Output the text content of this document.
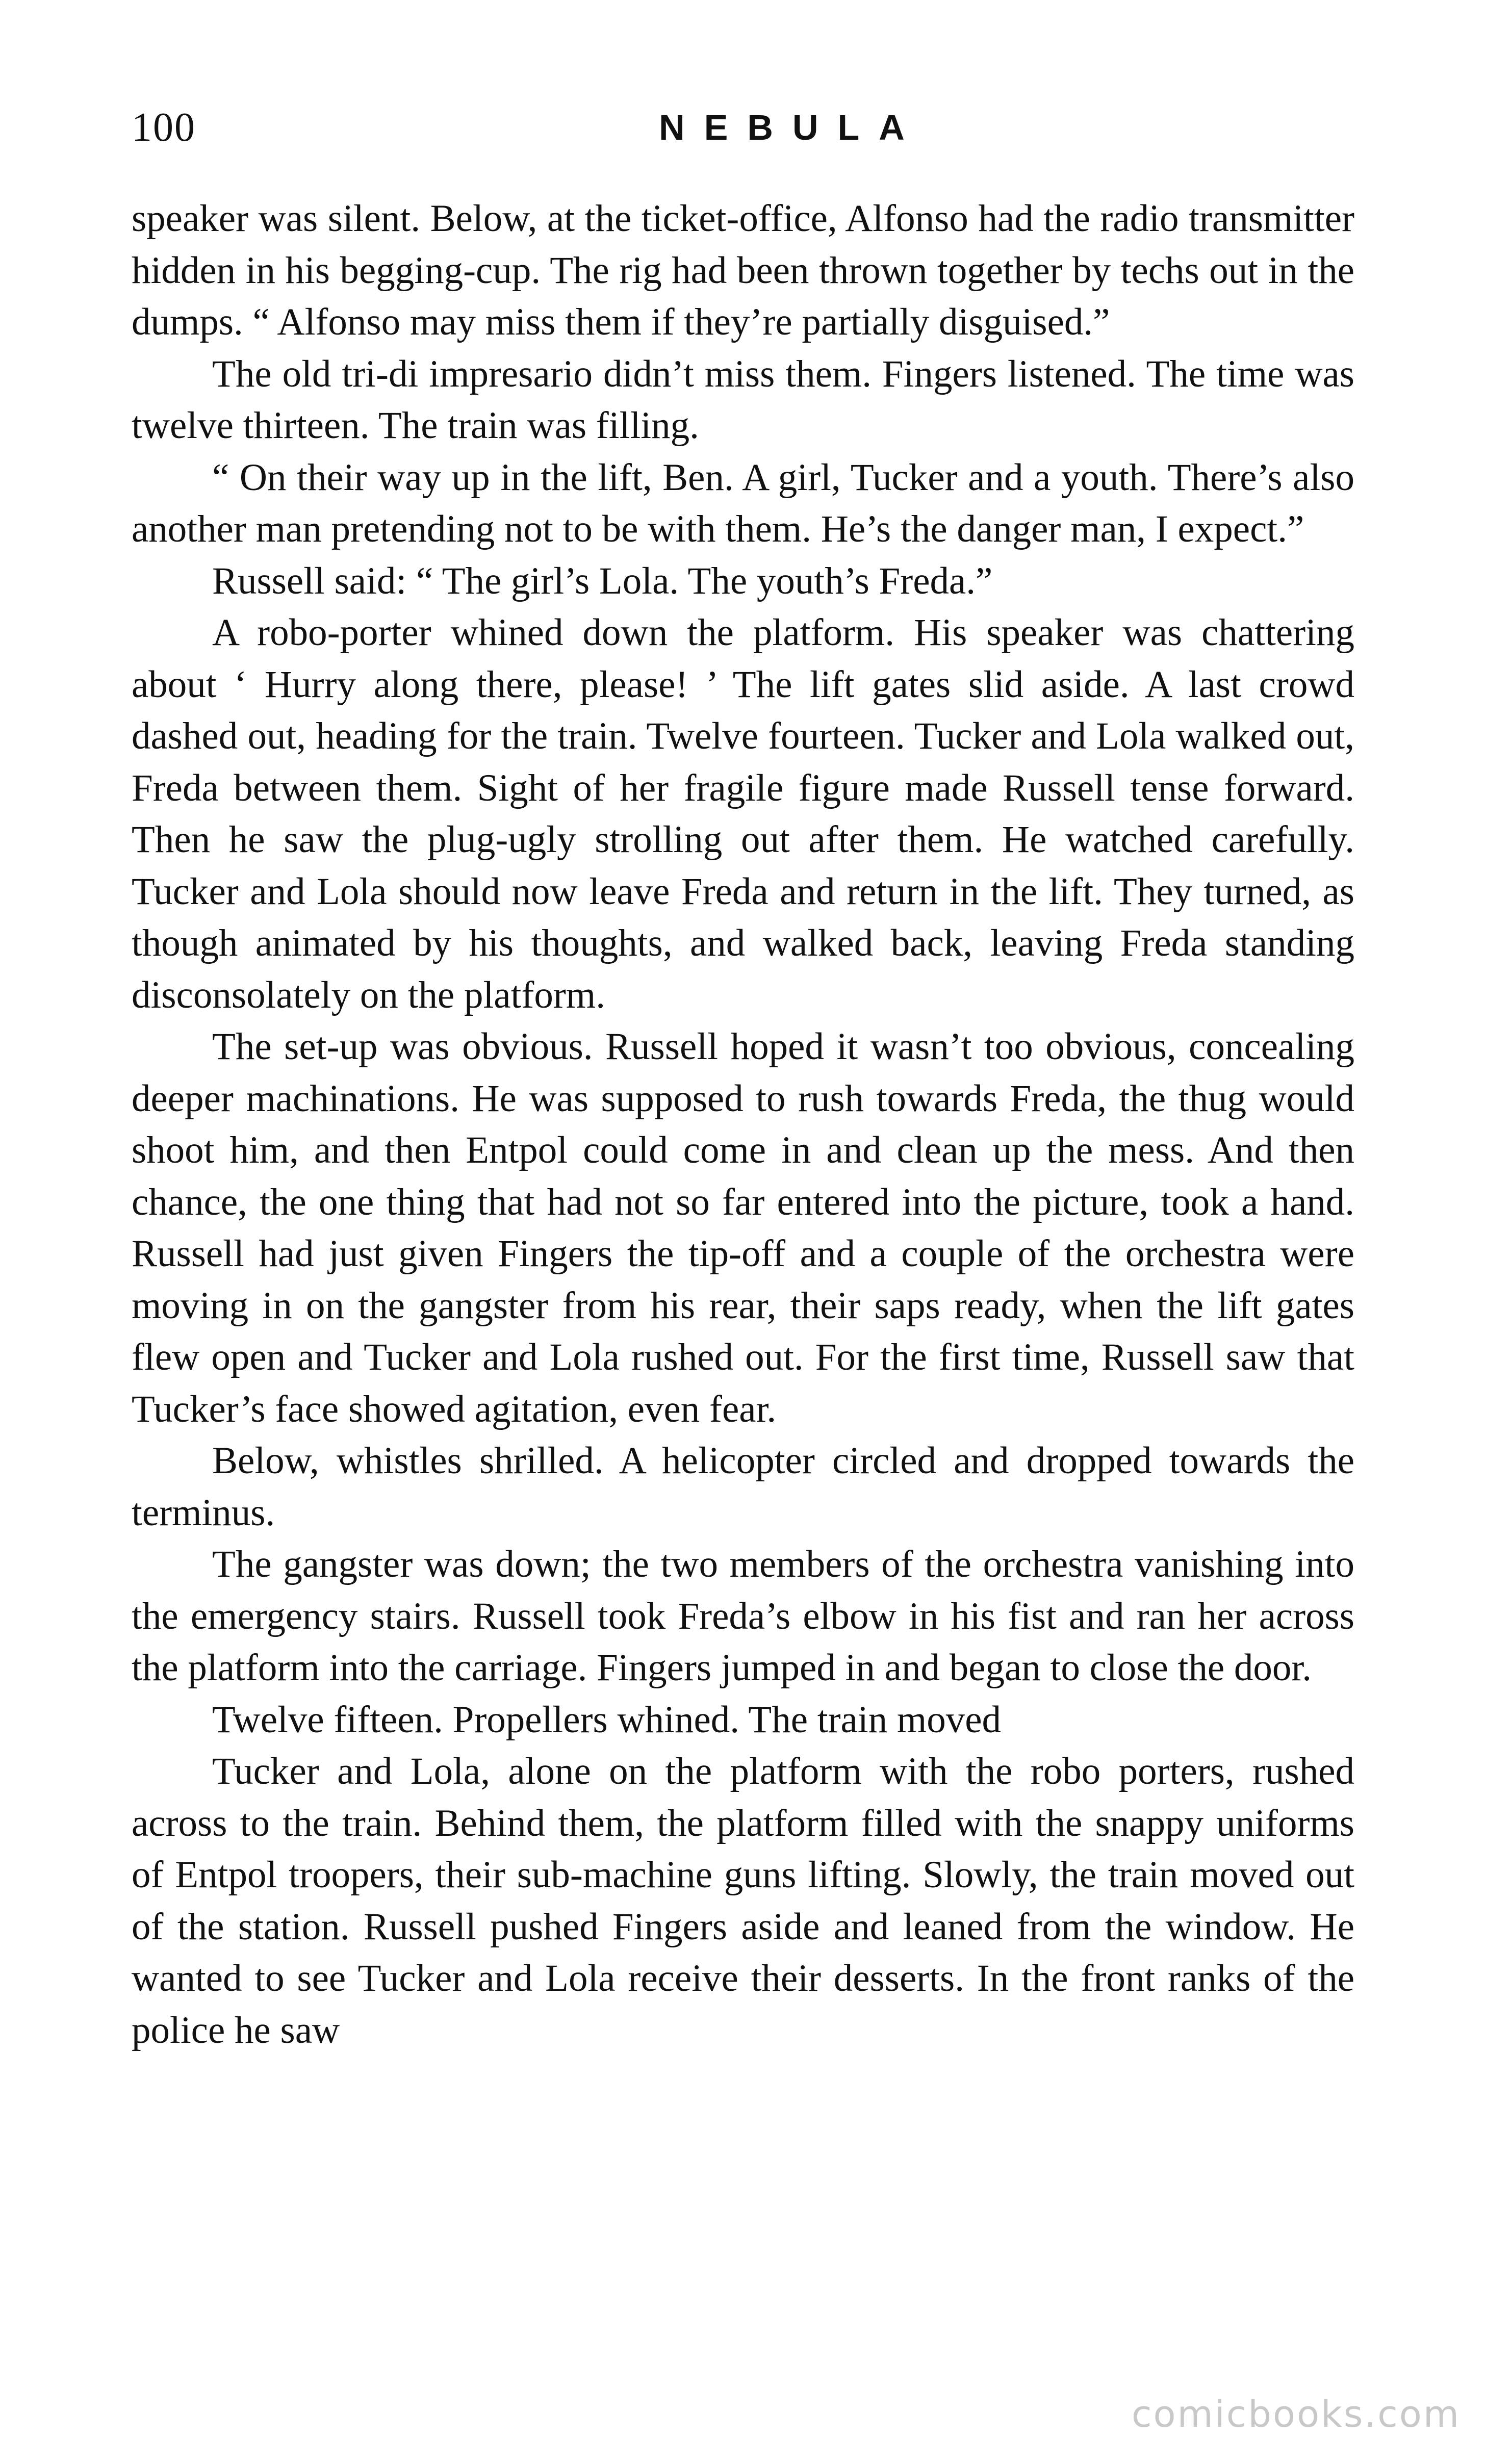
100	NEBULA

speaker was silent. Below, at the ticket-office, Alfonso had the radio transmitter hidden in his begging-cup. The rig had been thrown together by techs out in the dumps. “ Alfonso may miss them if they’re partially disguised.”

The old tri-di impresario didn’t miss them. Fingers listened. The time was twelve thirteen. The train was filling.

“ On their way up in the lift, Ben. A girl, Tucker and a youth. There’s also another man pretending not to be with them. He’s the danger man, I expect.”

Russell said: “ The girl’s Lola. The youth’s Freda.”

A robo-porter whined down the platform. His speaker was chattering about ‘ Hurry along there, please! ’ The lift gates slid aside. A last crowd dashed out, heading for the train. Twelve fourteen. Tucker and Lola walked out, Freda between them. Sight of her fragile figure made Russell tense forward. Then he saw the plug-ugly strolling out after them. He watched carefully. Tucker and Lola should now leave Freda and return in the lift. They turned, as though animated by his thoughts, and walked back, leaving Freda standing disconsolately on the platform.

The set-up was obvious. Russell hoped it wasn’t too obvious, concealing deeper machinations. He was supposed to rush towards Freda, the thug would shoot him, and then Entpol could come in and clean up the mess. And then chance, the one thing that had not so far entered into the picture, took a hand. Russell had just given Fingers the tip-off and a couple of the orchestra were moving in on the gangster from his rear, their saps ready, when the lift gates flew open and Tucker and Lola rushed out. For the first time, Russell saw that Tucker’s face showed agitation, even fear.

Below, whistles shrilled. A helicopter circled and dropped towards the terminus.

The gangster was down; the two members of the orchestra vanishing into the emergency stairs. Russell took Freda’s elbow in his fist and ran her across the platform into the carriage. Fingers jumped in and began to close the door.

Twelve fifteen. Propellers whined. The train moved

Tucker and Lola, alone on the platform with the robo porters, rushed across to the train. Behind them, the platform filled with the snappy uniforms of Entpol troopers, their sub-machine guns lifting. Slowly, the train moved out of the station. Russell pushed Fingers aside and leaned from the window. He wanted to see Tucker and Lola receive their desserts. In the front ranks of the police he saw

comicbooks.com
